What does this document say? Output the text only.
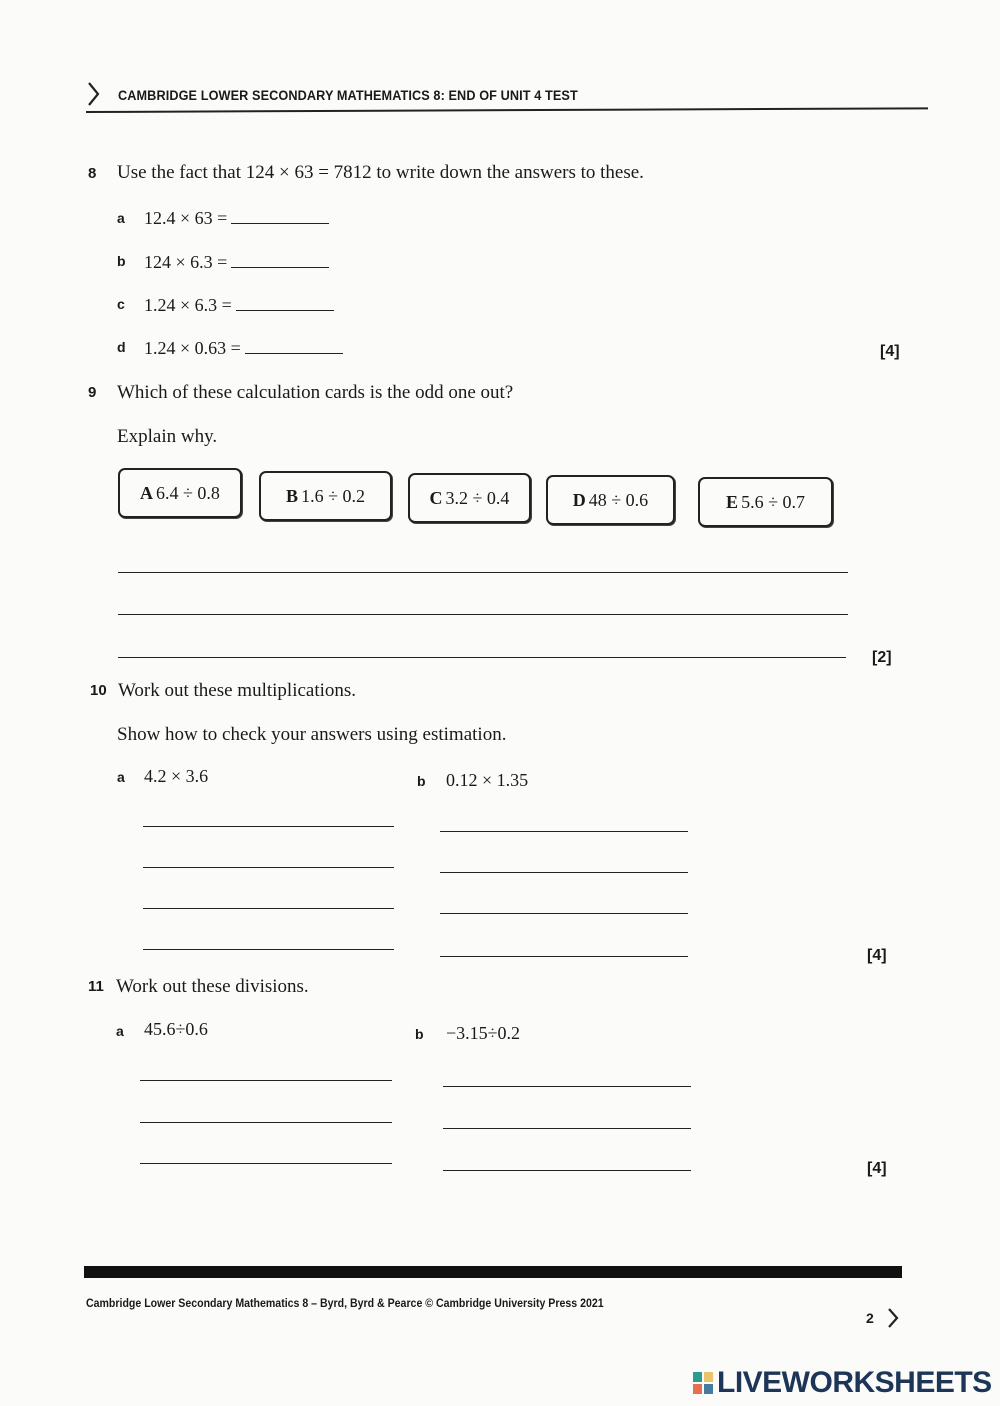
CAMBRIDGE LOWER SECONDARY MATHEMATICS 8: END OF UNIT 4 TEST
8 Use the fact that 124 × 63 = 7812 to write down the answers to these.
a 12.4 × 63 =
b 124 × 6.3 =
c 1.24 × 6.3 =
d 1.24 × 0.63 =	[4]
9 Which of these calculation cards is the odd one out?
Explain why.
A 6.4 ÷ 0.8	B 1.6 ÷ 0.2	C 3.2 ÷ 0.4	D 48 ÷ 0.6	E 5.6 ÷ 0.7
[2]
10 Work out these multiplications.
Show how to check your answers using estimation.
a 4.2 × 3.6	b 0.12 × 1.35
[4]
11 Work out these divisions.
a 45.6÷0.6	b −3.15÷0.2
[4]
Cambridge Lower Secondary Mathematics 8 – Byrd, Byrd & Pearce © Cambridge University Press 2021
2
LIVEWORKSHEETS
